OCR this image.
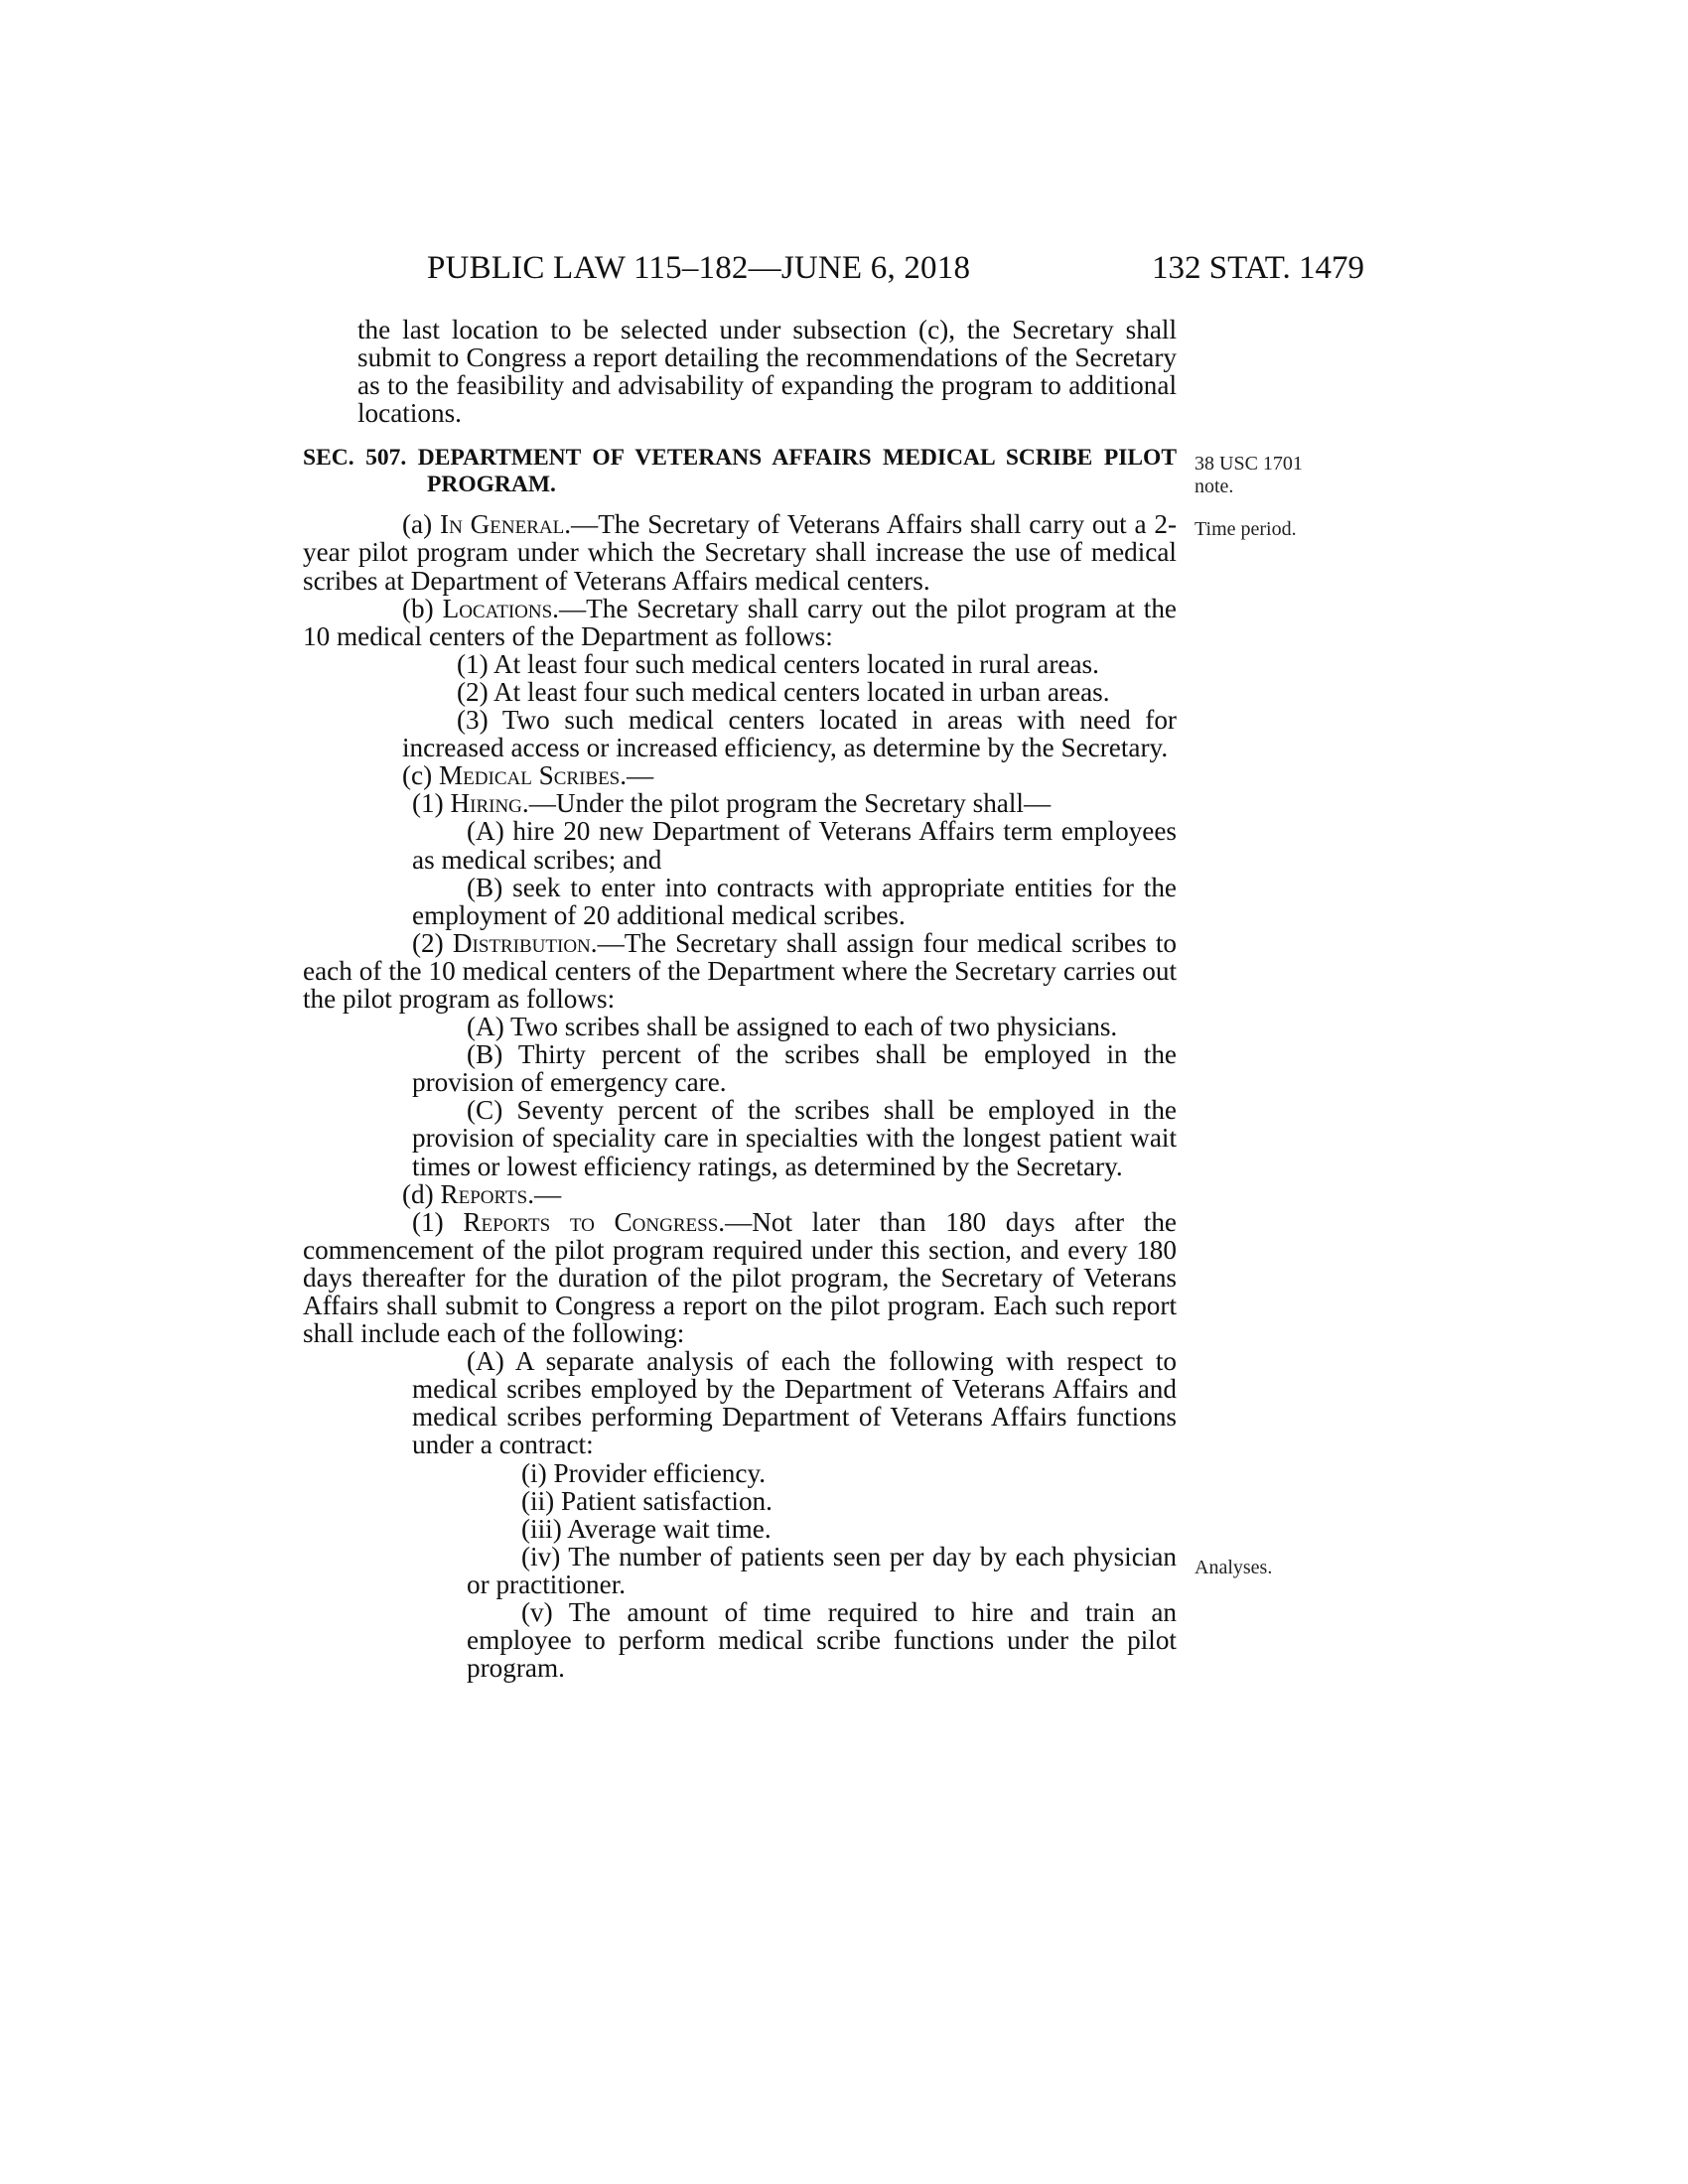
PUBLIC LAW 115–182—JUNE 6, 2018	132 STAT. 1479
38 USC 1701
note.
Time period.
Analyses.

the last location to be selected under subsection (c), the Secretary shall submit to Congress a report detailing the recommendations of the Secretary as to the feasibility and advisability of expanding the program to additional locations.

SEC. 507. DEPARTMENT OF VETERANS AFFAIRS MEDICAL SCRIBE PILOT PROGRAM.

(a) In General.—The Secretary of Veterans Affairs shall carry out a 2-year pilot program under which the Secretary shall increase the use of medical scribes at Department of Veterans Affairs medical centers.

(b) Locations.—The Secretary shall carry out the pilot program at the 10 medical centers of the Department as follows:

(1) At least four such medical centers located in rural areas.

(2) At least four such medical centers located in urban areas.

(3) Two such medical centers located in areas with need for increased access or increased efficiency, as determine by the Secretary.

(c) Medical Scribes.—

(1) Hiring.—Under the pilot program the Secretary shall—

(A) hire 20 new Department of Veterans Affairs term employees as medical scribes; and

(B) seek to enter into contracts with appropriate entities for the employment of 20 additional medical scribes.

(2) Distribution.—The Secretary shall assign four medical scribes to each of the 10 medical centers of the Department where the Secretary carries out the pilot program as follows:

(A) Two scribes shall be assigned to each of two physicians.

(B) Thirty percent of the scribes shall be employed in the provision of emergency care.

(C) Seventy percent of the scribes shall be employed in the provision of speciality care in specialties with the longest patient wait times or lowest efficiency ratings, as determined by the Secretary.

(d) Reports.—

(1) Reports to Congress.—Not later than 180 days after the commencement of the pilot program required under this section, and every 180 days thereafter for the duration of the pilot program, the Secretary of Veterans Affairs shall submit to Congress a report on the pilot program. Each such report shall include each of the following:

(A) A separate analysis of each the following with respect to medical scribes employed by the Department of Veterans Affairs and medical scribes performing Department of Veterans Affairs functions under a contract:

(i) Provider efficiency.

(ii) Patient satisfaction.

(iii) Average wait time.

(iv) The number of patients seen per day by each physician or practitioner.

(v) The amount of time required to hire and train an employee to perform medical scribe functions under the pilot program.
